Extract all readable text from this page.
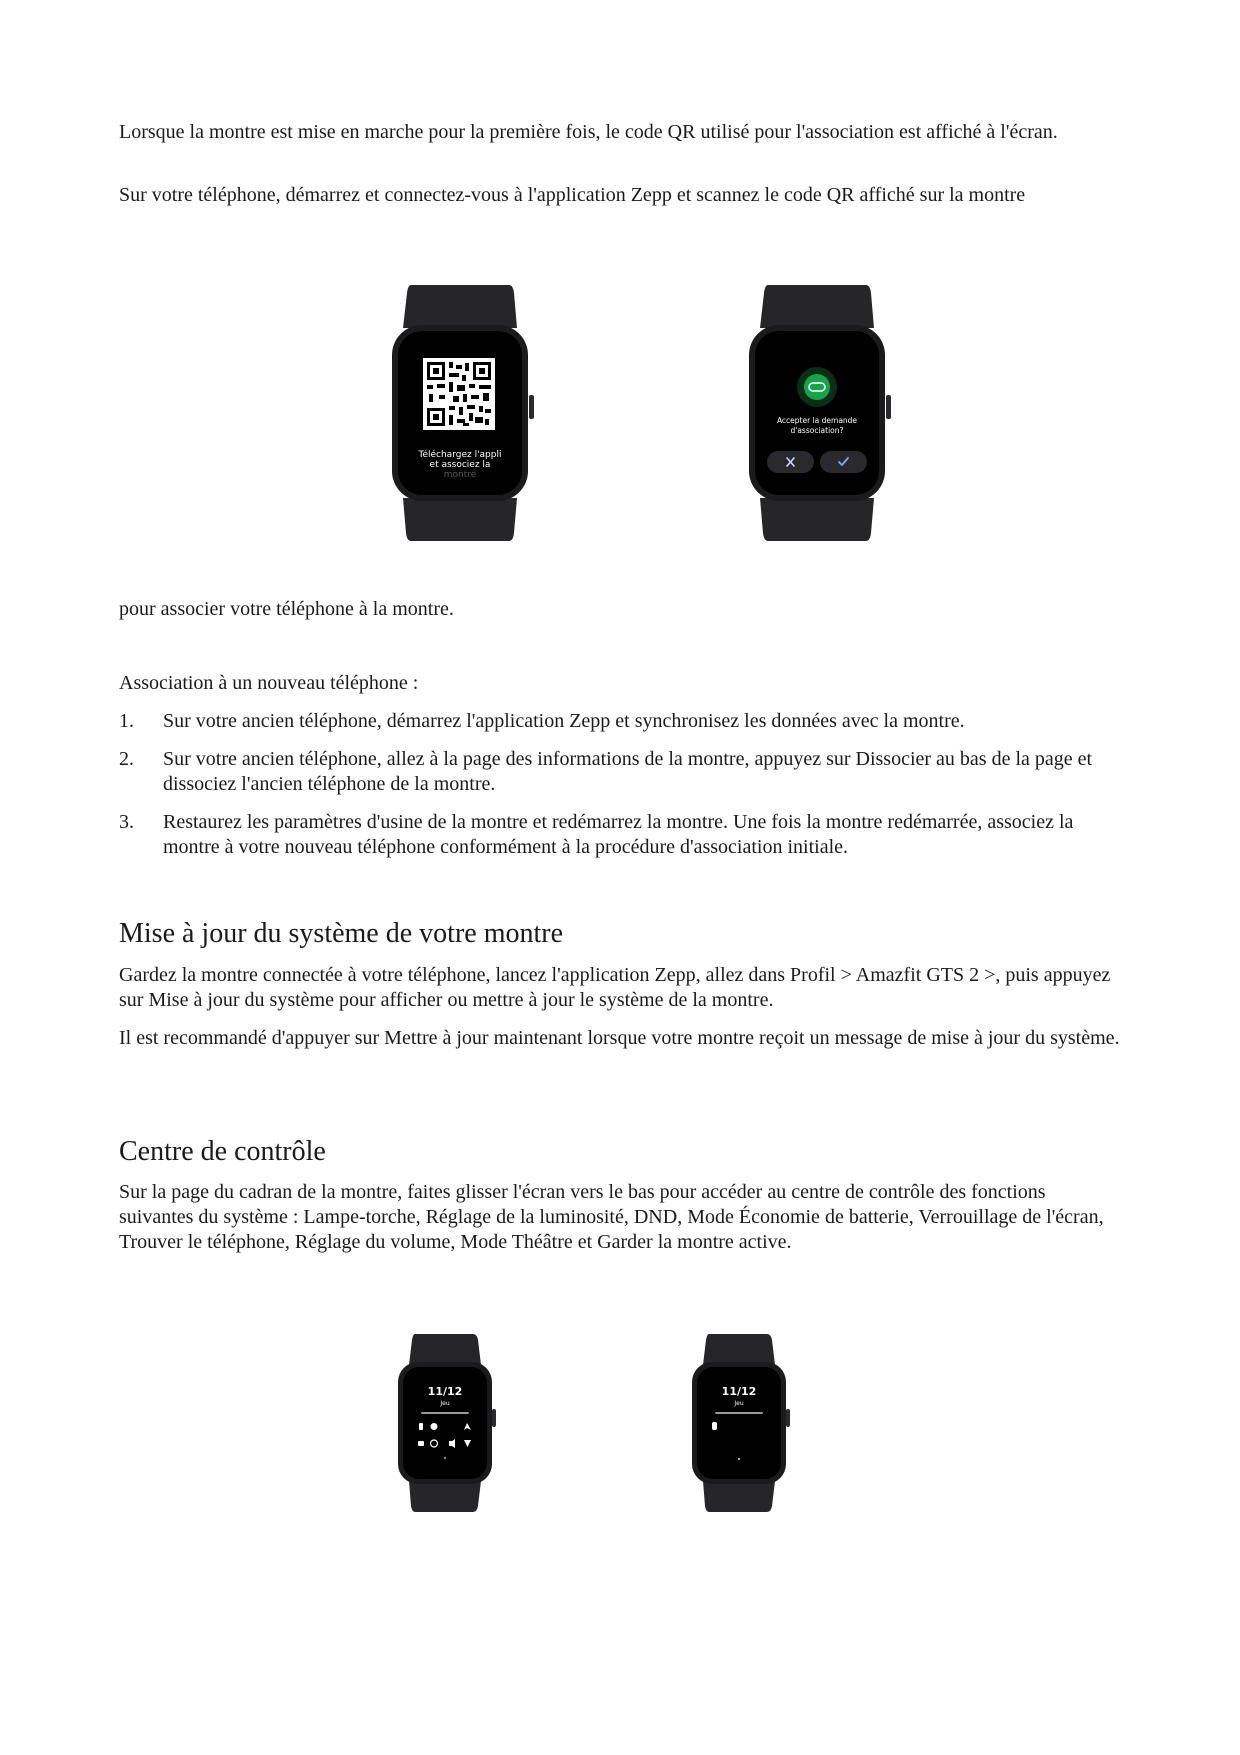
Lorsque la montre est mise en marche pour la première fois, le code QR utilisé pour l'association est affiché à l'écran.

Sur votre téléphone, démarrez et connectez-vous à l'application Zepp et scannez le code QR affiché sur la montre

Téléchargez l'appli
et associez la
montre
Accepter la demande
d'association?

pour associer votre téléphone à la montre.

Association à un nouveau téléphone :

1. Sur votre ancien téléphone, démarrez l'application Zepp et synchronisez les données avec la montre.
2. Sur votre ancien téléphone, allez à la page des informations de la montre, appuyez sur Dissocier au bas de la page et dissociez l'ancien téléphone de la montre.
3. Restaurez les paramètres d'usine de la montre et redémarrez la montre. Une fois la montre redémarrée, associez la montre à votre nouveau téléphone conformément à la procédure d'association initiale.
Mise à jour du système de votre montre

Gardez la montre connectée à votre téléphone, lancez l'application Zepp, allez dans Profil > Amazfit GTS 2 >, puis appuyez sur Mise à jour du système pour afficher ou mettre à jour le système de la montre.

Il est recommandé d'appuyer sur Mettre à jour maintenant lorsque votre montre reçoit un message de mise à jour du système.

Centre de contrôle

Sur la page du cadran de la montre, faites glisser l'écran vers le bas pour accéder au centre de contrôle des fonctions suivantes du système : Lampe-torche, Réglage de la luminosité, DND, Mode Économie de batterie, Verrouillage de l'écran, Trouver le téléphone, Réglage du volume, Mode Théâtre et Garder la montre active.

11/12
Jeu
11/12
Jeu
